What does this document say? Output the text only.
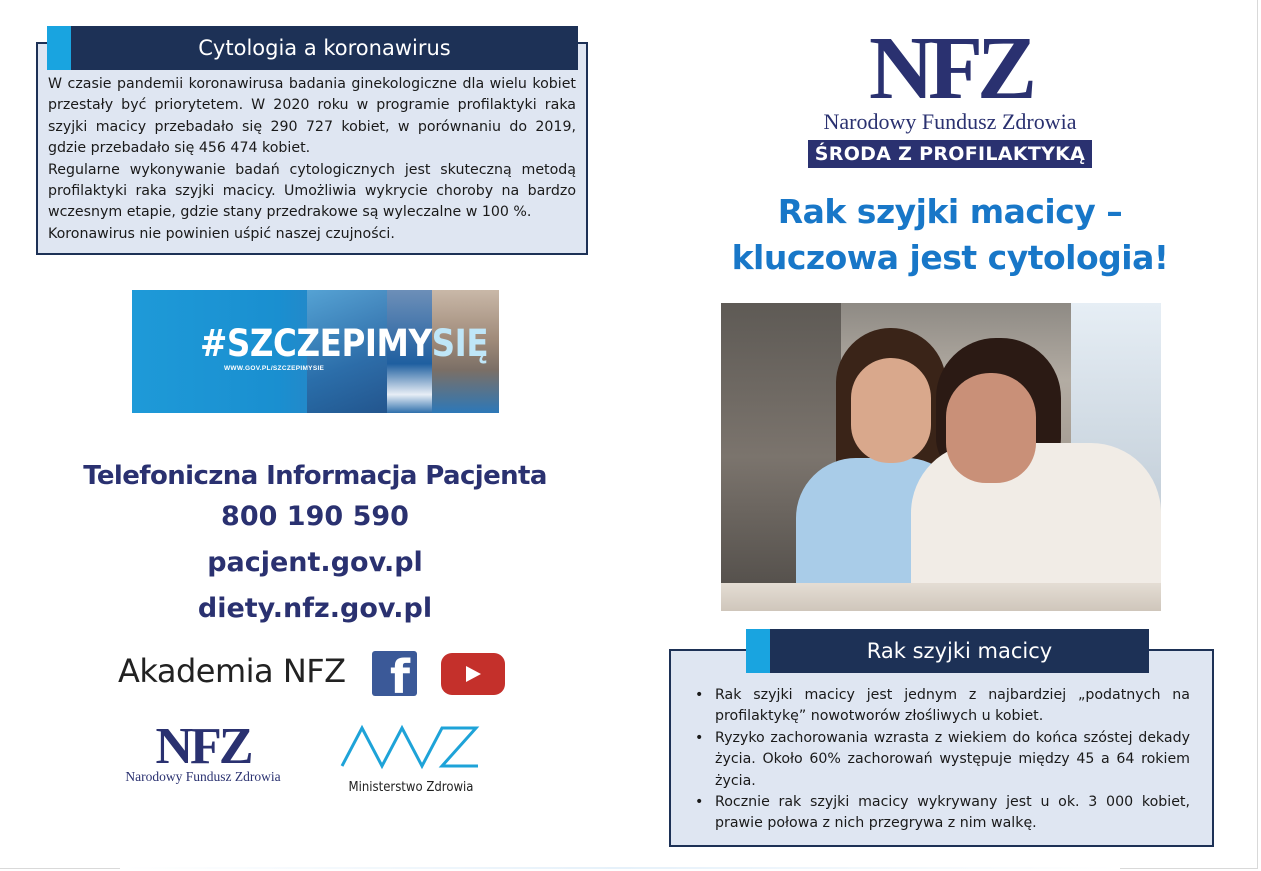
W czasie pandemii koronawirusa badania ginekologiczne dla wielu kobiet przestały być priorytetem. W 2020 roku w programie profilaktyki raka szyjki macicy przebadało się 290 727 kobiet, w porównaniu do 2019, gdzie przebadało się 456 474 kobiet.

Regularne wykonywanie badań cytologicznych jest skuteczną metodą profilaktyki raka szyjki macicy. Umożliwia wykrycie choroby na bardzo wczesnym etapie, gdzie stany przedrakowe są wyleczalne w 100 %.

Koronawirus nie powinien uśpić naszej czujności.

Cytologia a koronawirus
#SZCZEPIMYSIĘ
WWW.GOV.PL/SZCZEPIMYSIE
Telefoniczna Informacja Pacjenta
800 190 590
pacjent.gov.pl
diety.nfz.gov.pl
Akademia NFZ f
NFZ
Narodowy Fundusz Zdrowia
Ministerstwo Zdrowia
NFZ
Narodowy Fundusz Zdrowia
ŚRODA Z PROFILAKTYKĄ
Rak szyjki macicy –
kluczowa jest cytologia!
• Rak szyjki macicy jest jednym z najbardziej „podatnych na profilaktykę” nowotworów złośliwych u kobiet.
• Ryzyko zachorowania wzrasta z wiekiem do końca szóstej dekady życia. Około 60% zachorowań występuje między 45 a 64 rokiem życia.
• Rocznie rak szyjki macicy wykrywany jest u ok. 3 000 kobiet, prawie połowa z nich przegrywa z nim walkę.
Rak szyjki macicy
